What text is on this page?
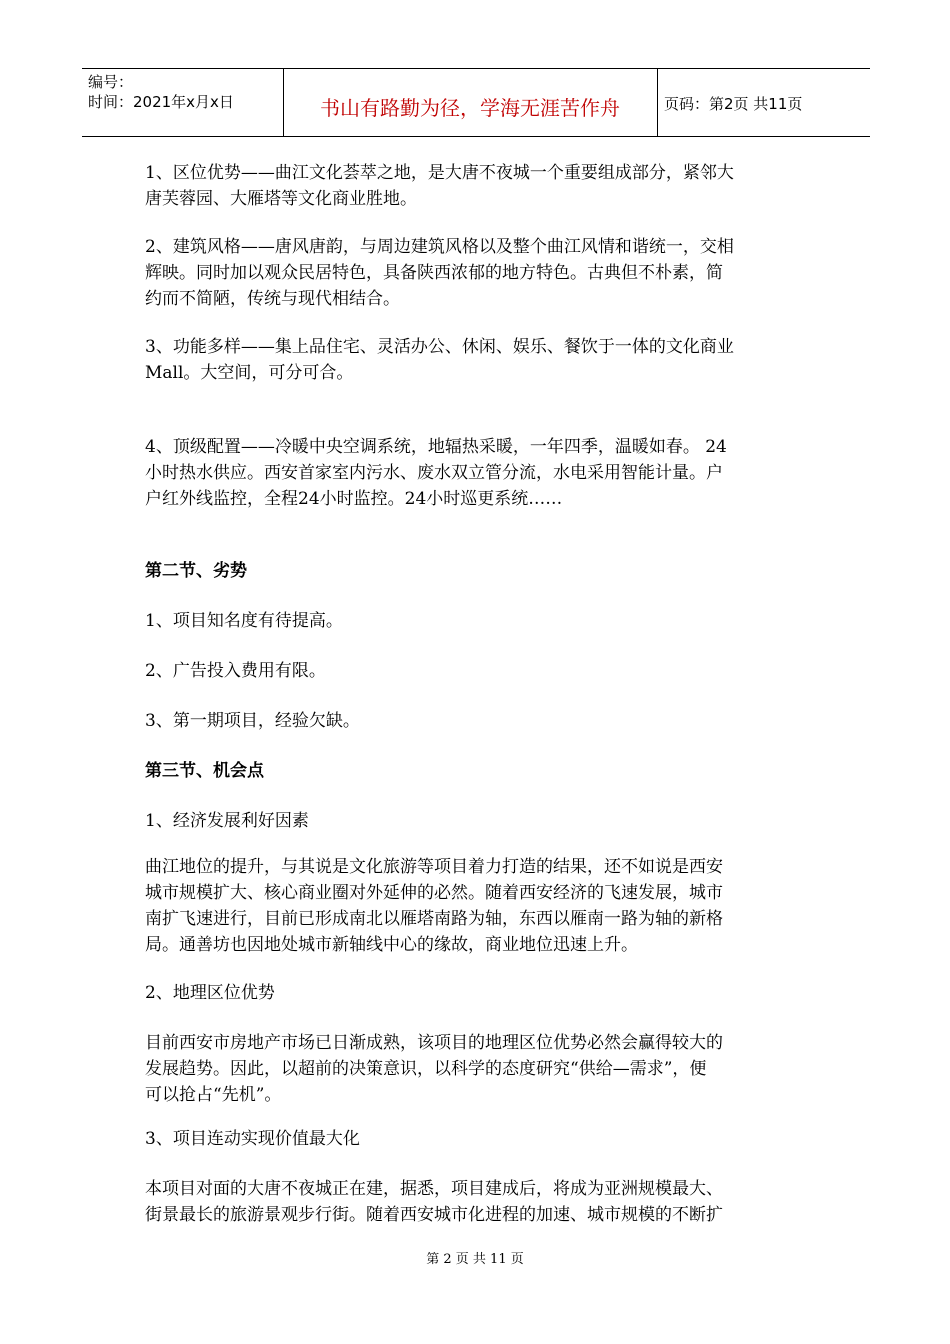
编号：
时间：2021年x月x日	书山有路勤为径，学海无涯苦作舟	页码：第2页 共11页
1、区位优势——曲江文化荟萃之地，是大唐不夜城一个重要组成部分，紧邻大
唐芙蓉园、大雁塔等文化商业胜地。
2、建筑风格——唐风唐韵，与周边建筑风格以及整个曲江风情和谐统一，交相
辉映。同时加以观众民居特色，具备陕西浓郁的地方特色。古典但不朴素，简
约而不简陋，传统与现代相结合。
3、功能多样——集上品住宅、灵活办公、休闲、娱乐、餐饮于一体的文化商业
Mall。大空间，可分可合。
4、顶级配置——冷暖中央空调系统，地辐热采暖，一年四季，温暖如春。 24
小时热水供应。西安首家室内污水、废水双立管分流，水电采用智能计量。户
户红外线监控，全程24小时监控。24小时巡更系统……
第二节、劣势
1、项目知名度有待提高。
2、广告投入费用有限。
3、第一期项目，经验欠缺。
第三节、机会点
1、经济发展利好因素
曲江地位的提升，与其说是文化旅游等项目着力打造的结果，还不如说是西安
城市规模扩大、核心商业圈对外延伸的必然。随着西安经济的飞速发展，城市
南扩飞速进行，目前已形成南北以雁塔南路为轴，东西以雁南一路为轴的新格
局。通善坊也因地处城市新轴线中心的缘故，商业地位迅速上升。
2、地理区位优势
目前西安市房地产市场已日渐成熟，该项目的地理区位优势必然会赢得较大的
发展趋势。因此，以超前的决策意识，以科学的态度研究“供给—需求”，便
可以抢占“先机”。
3、项目连动实现价值最大化
本项目对面的大唐不夜城正在建，据悉，项目建成后，将成为亚洲规模最大、
街景最长的旅游景观步行街。随着西安城市化进程的加速、城市规模的不断扩
第 2 页 共 11 页
